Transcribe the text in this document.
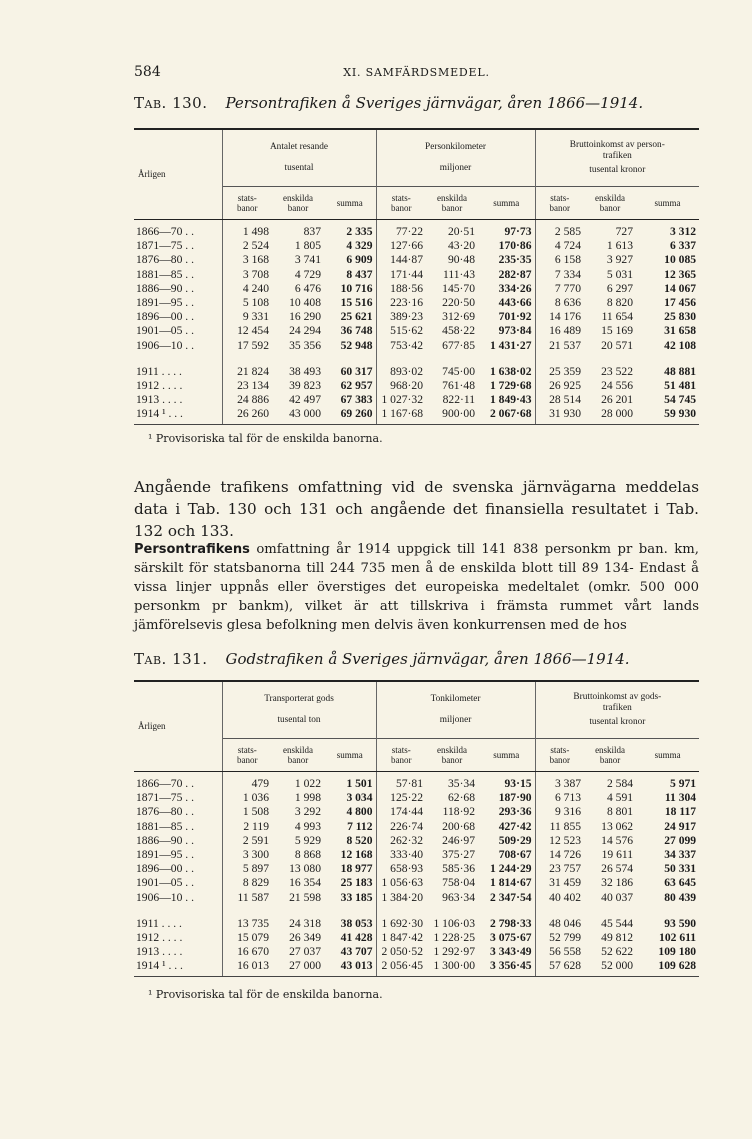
584	XI. SAMFÄRDSMEDEL.
Tab. 130. Persontrafiken å Sveriges järnvägar, åren 1866—1914.
Årligen	Antalet resande
tusental			Personkilometer
miljoner			Bruttoinkomst av person-
trafiken
tusental kronor		

	stats-
banor	enskilda
banor	summa	stats-
banor	enskilda
banor	summa	stats-
banor	enskilda
banor	summa
1866—70 . .	1 498	837	2 335	77·22	20·51	97·73	2 585	727	3 312
1871—75 . .	2 524	1 805	4 329	127·66	43·20	170·86	4 724	1 613	6 337
1876—80 . .	3 168	3 741	6 909	144·87	90·48	235·35	6 158	3 927	10 085
1881—85 . .	3 708	4 729	8 437	171·44	111·43	282·87	7 334	5 031	12 365
1886—90 . .	4 240	6 476	10 716	188·56	145·70	334·26	7 770	6 297	14 067
1891—95 . .	5 108	10 408	15 516	223·16	220·50	443·66	8 636	8 820	17 456
1896—00 . .	9 331	16 290	25 621	389·23	312·69	701·92	14 176	11 654	25 830
1901—05 . .	12 454	24 294	36 748	515·62	458·22	973·84	16 489	15 169	31 658
1906—10 . .	17 592	35 356	52 948	753·42	677·85	1 431·27	21 537	20 571	42 108

1911 . . . .	21 824	38 493	60 317	893·02	745·00	1 638·02	25 359	23 522	48 881
1912 . . . .	23 134	39 823	62 957	968·20	761·48	1 729·68	26 925	24 556	51 481
1913 . . . .	24 886	42 497	67 383	1 027·32	822·11	1 849·43	28 514	26 201	54 745
1914 ¹ . . .	26 260	43 000	69 260	1 167·68	900·00	2 067·68	31 930	28 000	59 930
¹ Provisoriska tal för de enskilda banorna.

Angående trafikens omfattning vid de svenska järnvägarna meddelas data i Tab. 130 och 131 och angående det finansiella resultatet i Tab. 132 och 133.

Persontrafikens omfattning år 1914 uppgick till 141 838 personkm pr ban. km, särskilt för statsbanorna till 244 735 men å de enskilda blott till 89 134- Endast å vissa linjer uppnås eller överstiges det europeiska medeltalet (omkr. 500 000 personkm pr bankm), vilket är att tillskriva i främsta rummet vårt lands jämförelsevis glesa befolkning men delvis även konkurrensen med de hos

Tab. 131. Godstrafiken å Sveriges järnvägar, åren 1866—1914.
Årligen	Transporterat gods
tusental ton			Tonkilometer
miljoner			Bruttoinkomst av gods-
trafiken
tusental kronor		

	stats-
banor	enskilda
banor	summa	stats-
banor	enskilda
banor	summa	stats-
banor	enskilda
banor	summa
1866—70 . .	479	1 022	1 501	57·81	35·34	93·15	3 387	2 584	5 971
1871—75 . .	1 036	1 998	3 034	125·22	62·68	187·90	6 713	4 591	11 304
1876—80 . .	1 508	3 292	4 800	174·44	118·92	293·36	9 316	8 801	18 117
1881—85 . .	2 119	4 993	7 112	226·74	200·68	427·42	11 855	13 062	24 917
1886—90 . .	2 591	5 929	8 520	262·32	246·97	509·29	12 523	14 576	27 099
1891—95 . .	3 300	8 868	12 168	333·40	375·27	708·67	14 726	19 611	34 337
1896—00 . .	5 897	13 080	18 977	658·93	585·36	1 244·29	23 757	26 574	50 331
1901—05 . .	8 829	16 354	25 183	1 056·63	758·04	1 814·67	31 459	32 186	63 645
1906—10 . .	11 587	21 598	33 185	1 384·20	963·34	2 347·54	40 402	40 037	80 439

1911 . . . .	13 735	24 318	38 053	1 692·30	1 106·03	2 798·33	48 046	45 544	93 590
1912 . . . .	15 079	26 349	41 428	1 847·42	1 228·25	3 075·67	52 799	49 812	102 611
1913 . . . .	16 670	27 037	43 707	2 050·52	1 292·97	3 343·49	56 558	52 622	109 180
1914 ¹ . . .	16 013	27 000	43 013	2 056·45	1 300·00	3 356·45	57 628	52 000	109 628
¹ Provisoriska tal för de enskilda banorna.
